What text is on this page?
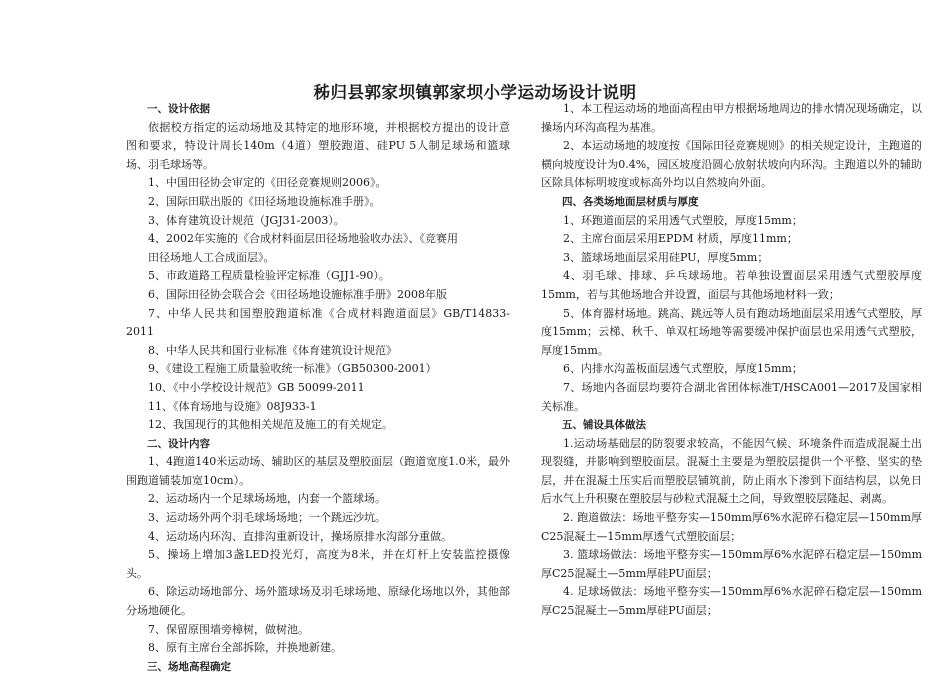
秭归县郭家坝镇郭家坝小学运动场设计说明

一、设计依据

依据校方指定的运动场地及其特定的地形环境，并根据校方提出的设计意图和要求，特设计周长140m（4道）塑胶跑道、硅PU 5人制足球场和篮球场、羽毛球场等。

1、中国田径协会审定的《田径竞赛规则2006》。

2、国际田联出版的《田径场地设施标准手册》。

3、体育建筑设计规范（JGJ31-2003）。

4、2002年实施的《合成材料面层田径场地验收办法》、《竞赛用

田径场地人工合成面层》。

5、市政道路工程质量检验评定标准（GJJ1-90）。

6、国际田径协会联合会《田径场地设施标准手册》2008年版

7、中华人民共和国塑胶跑道标准《合成材料跑道面层》GB/T14833-2011

8、中华人民共和国行业标准《体育建筑设计规范》

9、《建设工程施工质量验收统一标准》（GB50300-2001）

10、《中小学校设计规范》GB 50099-2011

11、《体育场地与设施》08J933-1

12、我国现行的其他相关规范及施工的有关规定。

二、设计内容

1、4跑道140米运动场、辅助区的基层及塑胶面层（跑道宽度1.0米，最外围跑道铺装加宽10cm）。

2、运动场内一个足球场场地，内套一个篮球场。

3、运动场外两个羽毛球场场地；一个跳远沙坑。

4、运动场内环沟、直排沟重新设计，操场原排水沟部分重做。

5、操场上增加3盏LED投光灯，高度为8米，并在灯杆上安装监控摄像头。

6、除运动场地部分、场外篮球场及羽毛球场地、原绿化场地以外，其他部分场地硬化。

7、保留原围墙旁樟树，做树池。

8、原有主席台全部拆除，并换地新建。

三、场地高程确定

1、本工程运动场的地面高程由甲方根据场地周边的排水情况现场确定，以操场内环沟高程为基准。

2、本运动场地的坡度按《国际田径竞赛规则》的相关规定设计，主跑道的横向坡度设计为0.4%，园区坡度沿圆心放射状坡向内环沟。主跑道以外的辅助区除具体标明坡度或标高外均以自然坡向外面。

四、各类场地面层材质与厚度

1、环跑道面层的采用透气式塑胶，厚度15mm；

2、主席台面层采用EPDM 材质，厚度11mm；

3、篮球场地面层采用硅PU，厚度5mm；

4、羽毛球、排球、乒乓球场地。若单独设置面层采用透气式塑胶厚度15mm，若与其他场地合并设置，面层与其他场地材料一致；

5、体育器材场地。跳高、跳远等人员有跑动场地面层采用透气式塑胶，厚度15mm；云梯、秋千、单双杠场地等需要缓冲保护面层也采用透气式塑胶，厚度15mm。

6、内排水沟盖板面层透气式塑胶，厚度15mm；

7、场地内各面层均要符合湖北省团体标准T/HSCA001—2017及国家相关标准。

五、铺设具体做法

1.运动场基础层的防裂要求较高，不能因气候、环境条件而造成混凝土出现裂缝，并影响到塑胶面层。混凝土主要是为塑胶层提供一个平整、坚实的垫层，并在混凝土压实后而塑胶层铺筑前，防止雨水下渗到下面结构层，以免日后水气上升积聚在塑胶层与砂粒式混凝土之间，导致塑胶层隆起、剥离。

2. 跑道做法：场地平整夯实—150mm厚6%水泥碎石稳定层—150mm厚C25混凝土—15mm厚透气式塑胶面层；

3. 篮球场做法：场地平整夯实—150mm厚6%水泥碎石稳定层—150mm厚C25混凝土—5mm厚硅PU面层；

4. 足球场做法：场地平整夯实—150mm厚6%水泥碎石稳定层—150mm厚C25混凝土—5mm厚硅PU面层；
